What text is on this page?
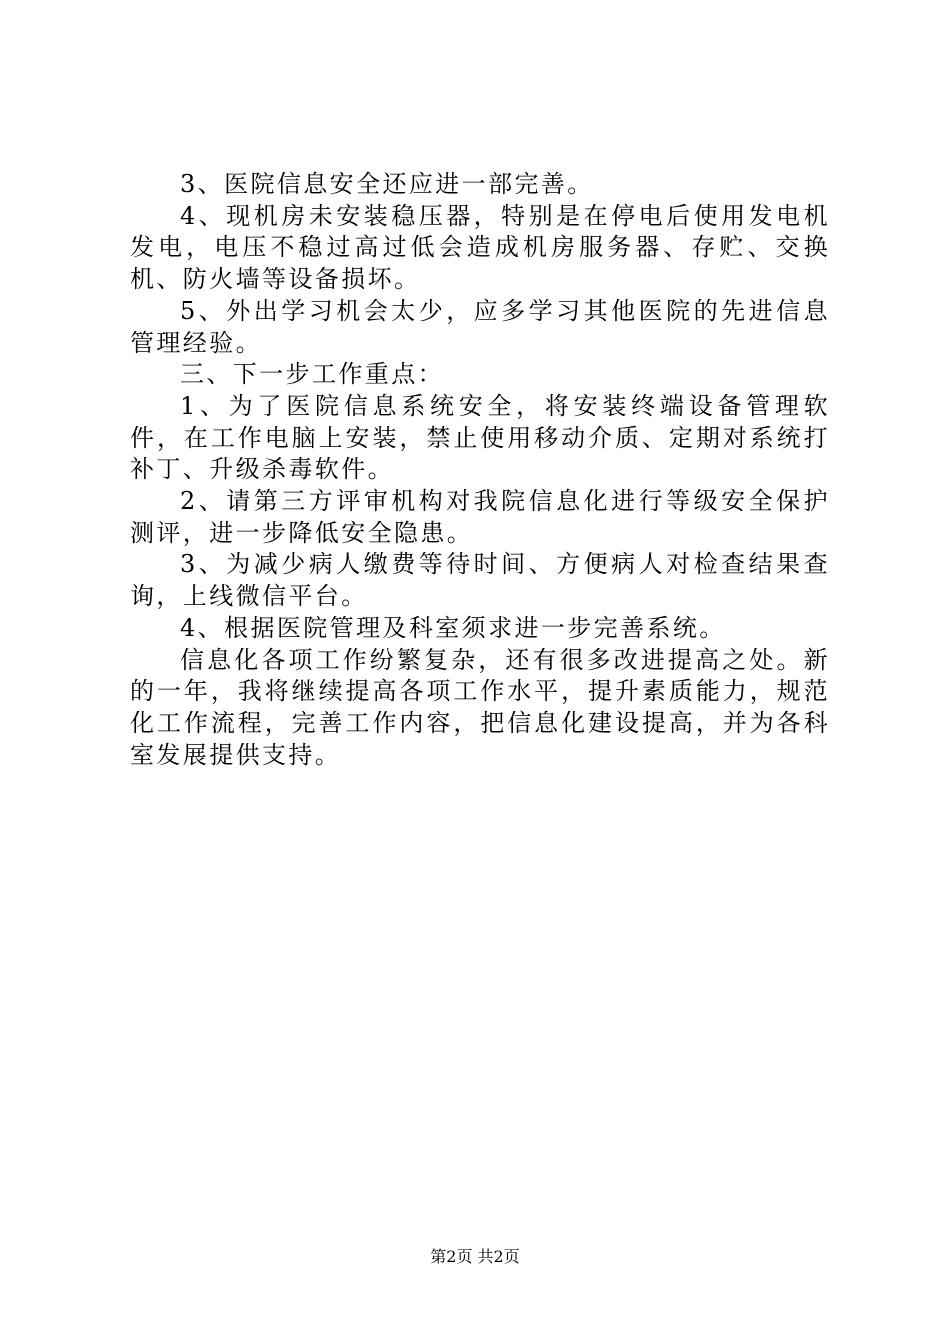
3、医院信息安全还应进一部完善。

4、现机房未安装稳压器，特别是在停电后使用发电机发电，电压不稳过高过低会造成机房服务器、存贮、交换机、防火墙等设备损坏。

5、外出学习机会太少，应多学习其他医院的先进信息管理经验。

三、下一步工作重点：

1、为了医院信息系统安全，将安装终端设备管理软件，在工作电脑上安装，禁止使用移动介质、定期对系统打补丁、升级杀毒软件。

2、请第三方评审机构对我院信息化进行等级安全保护测评，进一步降低安全隐患。

3、为减少病人缴费等待时间、方便病人对检查结果查询，上线微信平台。

4、根据医院管理及科室须求进一步完善系统。

信息化各项工作纷繁复杂，还有很多改进提高之处。新的一年，我将继续提高各项工作水平，提升素质能力，规范化工作流程，完善工作内容，把信息化建设提高，并为各科室发展提供支持。

第2页 共2页
